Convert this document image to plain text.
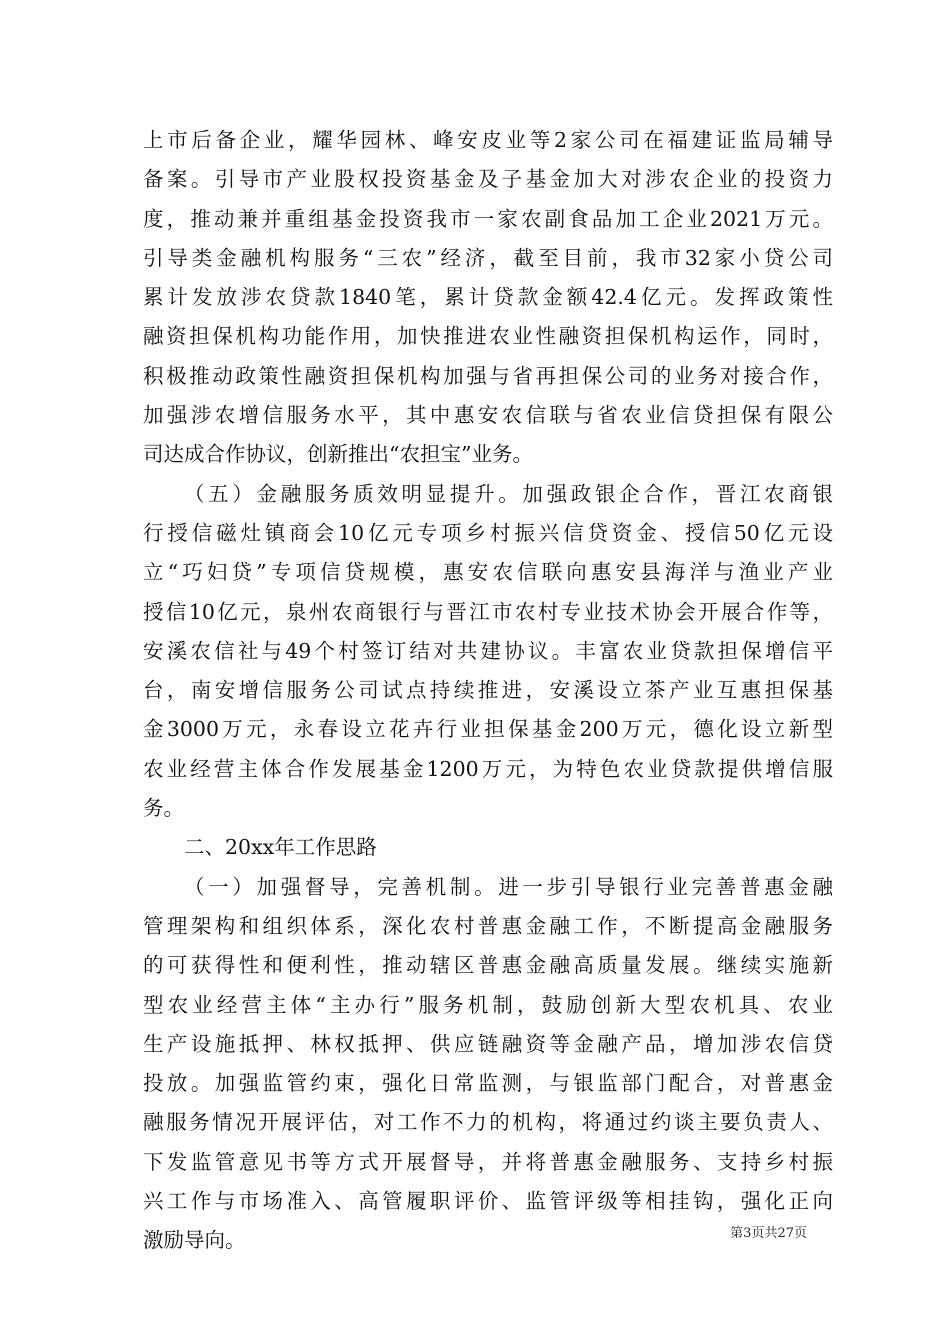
上市后备企业，耀华园林、峰安皮业等2家公司在福建证监局辅导
备案。引导市产业股权投资基金及子基金加大对涉农企业的投资力
度，推动兼并重组基金投资我市一家农副食品加工企业2021万元。
引导类金融机构服务“三农”经济，截至目前，我市32家小贷公司
累计发放涉农贷款1840笔，累计贷款金额42.4亿元。发挥政策性
融资担保机构功能作用，加快推进农业性融资担保机构运作，同时，
积极推动政策性融资担保机构加强与省再担保公司的业务对接合作，
加强涉农增信服务水平，其中惠安农信联与省农业信贷担保有限公
司达成合作协议，创新推出“农担宝”业务。
（五）金融服务质效明显提升。加强政银企合作，晋江农商银
行授信磁灶镇商会10亿元专项乡村振兴信贷资金、授信50亿元设
立“巧妇贷”专项信贷规模，惠安农信联向惠安县海洋与渔业产业
授信10亿元，泉州农商银行与晋江市农村专业技术协会开展合作等，
安溪农信社与49个村签订结对共建协议。丰富农业贷款担保增信平
台，南安增信服务公司试点持续推进，安溪设立茶产业互惠担保基
金3000万元，永春设立花卉行业担保基金200万元，德化设立新型
农业经营主体合作发展基金1200万元，为特色农业贷款提供增信服
务。
二、20xx年工作思路
（一）加强督导，完善机制。进一步引导银行业完善普惠金融
管理架构和组织体系，深化农村普惠金融工作，不断提高金融服务
的可获得性和便利性，推动辖区普惠金融高质量发展。继续实施新
型农业经营主体“主办行”服务机制，鼓励创新大型农机具、农业
生产设施抵押、林权抵押、供应链融资等金融产品，增加涉农信贷
投放。加强监管约束，强化日常监测，与银监部门配合，对普惠金
融服务情况开展评估，对工作不力的机构，将通过约谈主要负责人、
下发监管意见书等方式开展督导，并将普惠金融服务、支持乡村振
兴工作与市场准入、高管履职评价、监管评级等相挂钩，强化正向
激励导向。	第3页共27页
